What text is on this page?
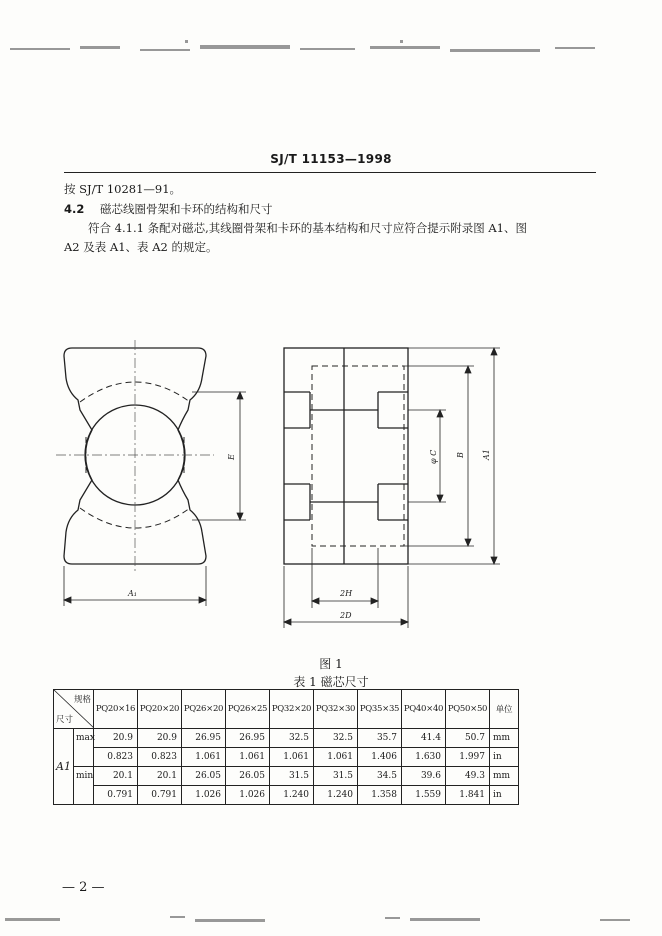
SJ/T 11153—1998
按 SJ/T 10281—91。
4.2 磁芯线圈骨架和卡环的结构和尺寸
符合 4.1.1 条配对磁芯,其线圈骨架和卡环的基本结构和尺寸应符合提示附录图 A1、图
A2 及表 A1、表 A2 的规定。
A₁
E
2H
2D
φ C B A1
图 1
表 1 磁芯尺寸
规格
尺寸		PQ20×16	PQ20×20	PQ26×20	PQ26×25	PQ32×20	PQ32×30	PQ35×35	PQ40×40	PQ50×50	单位
A1	max	20.9	20.9	26.95	26.95	32.5	32.5	35.7	41.4	50.7	mm
		0.823	0.823	1.061	1.061	1.061	1.061	1.406	1.630	1.997	in
	min	20.1	20.1	26.05	26.05	31.5	31.5	34.5	39.6	49.3	mm
		0.791	0.791	1.026	1.026	1.240	1.240	1.358	1.559	1.841	in
— 2 —
